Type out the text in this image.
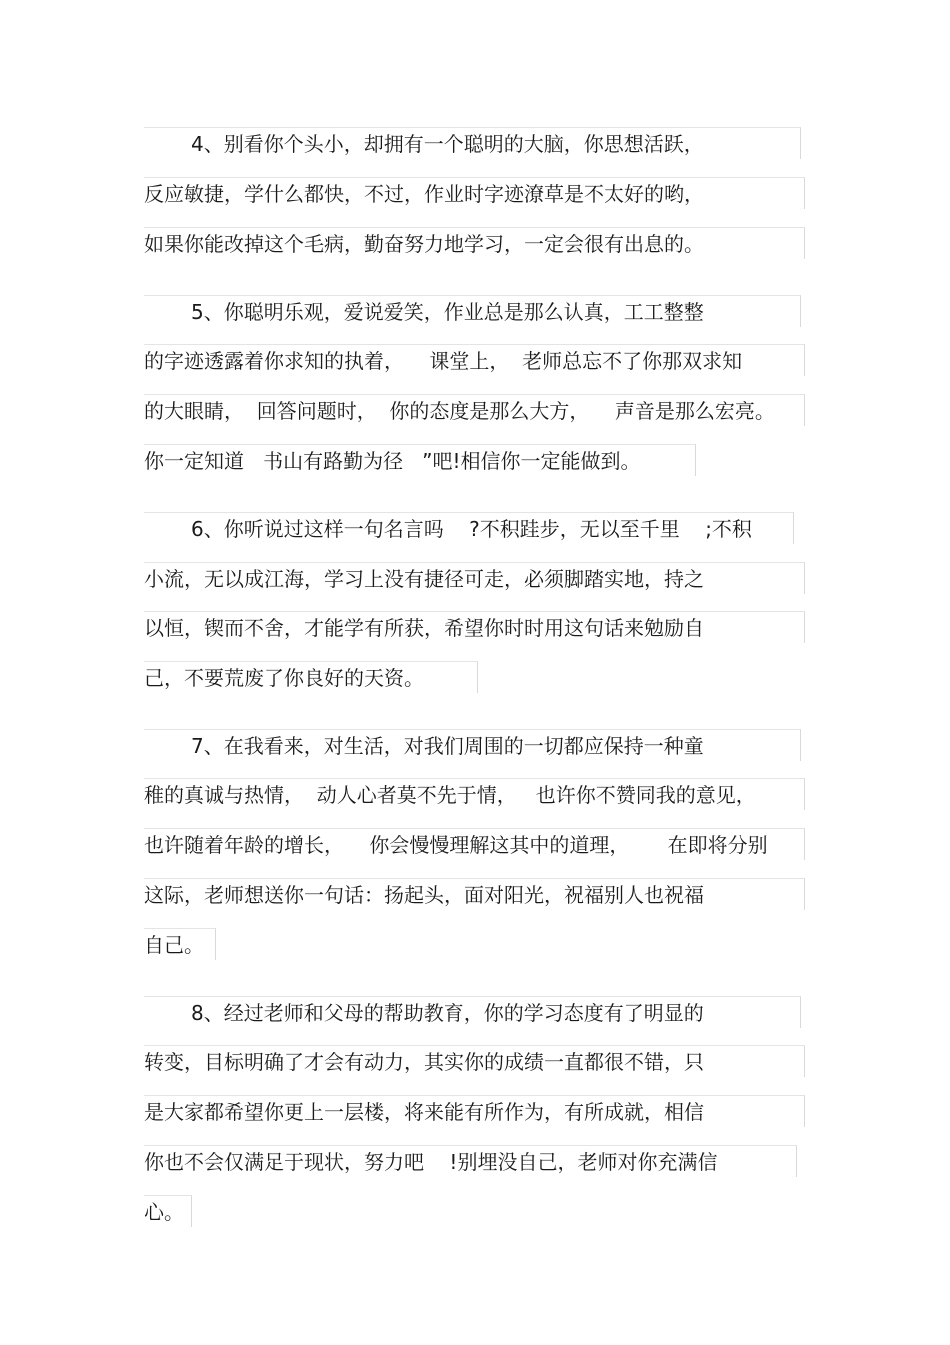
4、别看你个头小，却拥有一个聪明的大脑，你思想活跃，
反应敏捷，学什么都快，不过，作业时字迹潦草是不太好的哟，
如果你能改掉这个毛病，勤奋努力地学习，一定会很有出息的。
5、你聪明乐观，爱说爱笑，作业总是那么认真，工工整整
的字迹透露着你求知的执着，    课堂上，  老师总忘不了你那双求知
的大眼睛，  回答问题时，  你的态度是那么大方，    声音是那么宏亮。
你一定知道   书山有路勤为径   ”吧!相信你一定能做到。
6、你听说过这样一句名言吗    ?不积跬步，无以至千里    ;不积
小流，无以成江海，学习上没有捷径可走，必须脚踏实地，持之
以恒，锲而不舍，才能学有所获，希望你时时用这句话来勉励自
己，不要荒废了你良好的天资。
7、在我看来，对生活，对我们周围的一切都应保持一种童
稚的真诚与热情，  动人心者莫不先于情，   也许你不赞同我的意见，
也许随着年龄的增长，    你会慢慢理解这其中的道理，      在即将分别
这际，老师想送你一句话：扬起头，面对阳光，祝福别人也祝福
自己。
8、经过老师和父母的帮助教育，你的学习态度有了明显的
转变，目标明确了才会有动力，其实你的成绩一直都很不错，只
是大家都希望你更上一层楼，将来能有所作为，有所成就，相信
你也不会仅满足于现状，努力吧    !别埋没自己，老师对你充满信
心。
